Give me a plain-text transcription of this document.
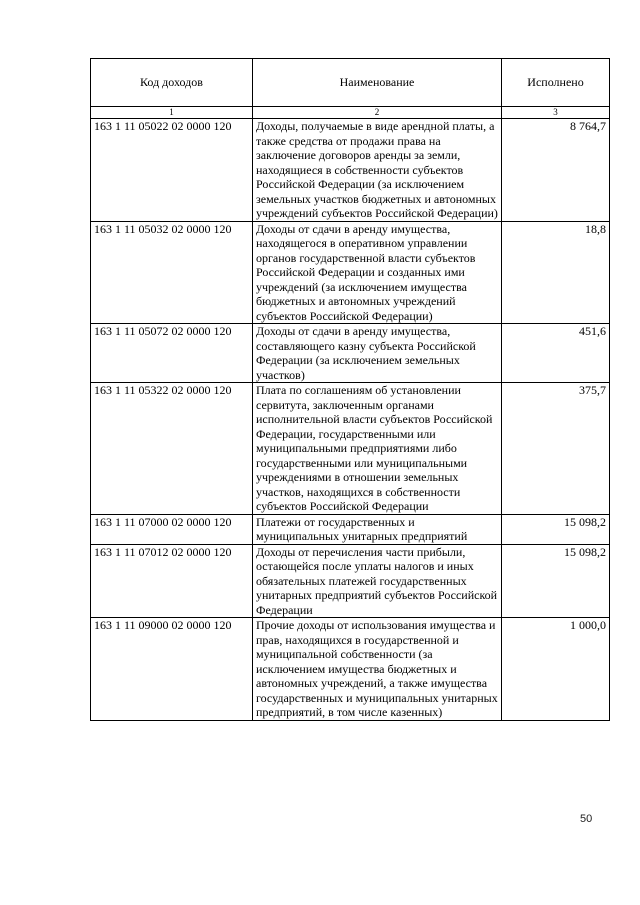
Код доходов	Наименование	Исполнено
1	2	3
163 1 11 05022 02 0000 120	Доходы, получаемые в виде арендной платы, а также средства от продажи права на заключение договоров аренды за земли, находящиеся в собственности субъектов Российской Федерации (за исключением земельных участков бюджетных и автономных учреждений субъектов Российской Федерации)	8 764,7
163 1 11 05032 02 0000 120	Доходы от сдачи в аренду имущества, находящегося в оперативном управлении органов государственной власти субъектов Российской Федерации и созданных ими учреждений (за исключением имущества бюджетных и автономных учреждений субъектов Российской Федерации)	18,8
163 1 11 05072 02 0000 120	Доходы от сдачи в аренду имущества, составляющего казну субъекта Российской Федерации (за исключением земельных участков)	451,6
163 1 11 05322 02 0000 120	Плата по соглашениям об установлении сервитута, заключенным органами исполнительной власти субъектов Российской Федерации, государственными или муниципальными предприятиями либо государственными или муниципальными учреждениями в отношении земельных участков, находящихся в собственности субъектов Российской Федерации	375,7
163 1 11 07000 02 0000 120	Платежи от государственных и муниципальных унитарных предприятий	15 098,2
163 1 11 07012 02 0000 120	Доходы от перечисления части прибыли, остающейся после уплаты налогов и иных обязательных платежей государственных унитарных предприятий субъектов Российской Федерации	15 098,2
163 1 11 09000 02 0000 120	Прочие доходы от использования имущества и прав, находящихся в государственной и муниципальной собственности (за исключением имущества бюджетных и автономных учреждений, а также имущества государственных и муниципальных унитарных предприятий, в том числе казенных)	1 000,0
50
